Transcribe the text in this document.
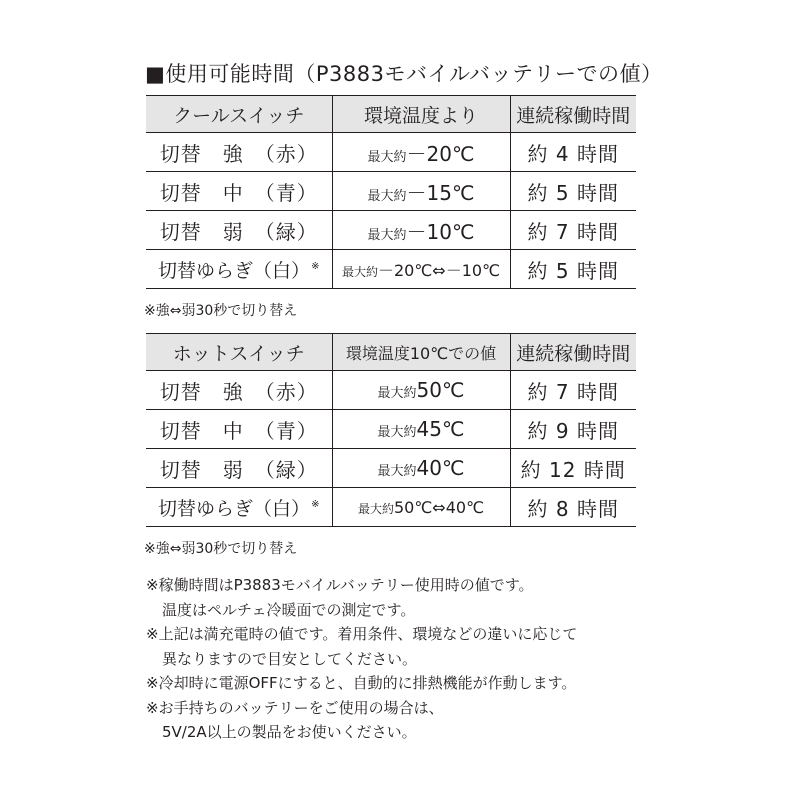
■使用可能時間（P3883モバイルバッテリーでの値）
クールスイッチ	環境温度より	連続稼働時間
切替　強　（赤）	最大約－20℃	約 4 時間
切替　中　（青）	最大約－15℃	約 5 時間
切替　弱　（緑）	最大約－10℃	約 7 時間
切替ゆらぎ（白）※	最大約－20℃⇔－10℃	約 5 時間
※強⇔弱30秒で切り替え
ホットスイッチ	環境温度10℃での値	連続稼働時間
切替　強　（赤）	最大約50℃	約 7 時間
切替　中　（青）	最大約45℃	約 9 時間
切替　弱　（緑）	最大約40℃	約 12 時間
切替ゆらぎ（白）※	最大約50℃⇔40℃	約 8 時間
※強⇔弱30秒で切り替え
※稼働時間はP3883モバイルバッテリー使用時の値です。
温度はペルチェ冷暖面での測定です。
※上記は満充電時の値です。着用条件、環境などの違いに応じて
異なりますので目安としてください。
※冷却時に電源OFFにすると、自動的に排熱機能が作動します。
※お手持ちのバッテリーをご使用の場合は、
5V/2A以上の製品をお使いください。
